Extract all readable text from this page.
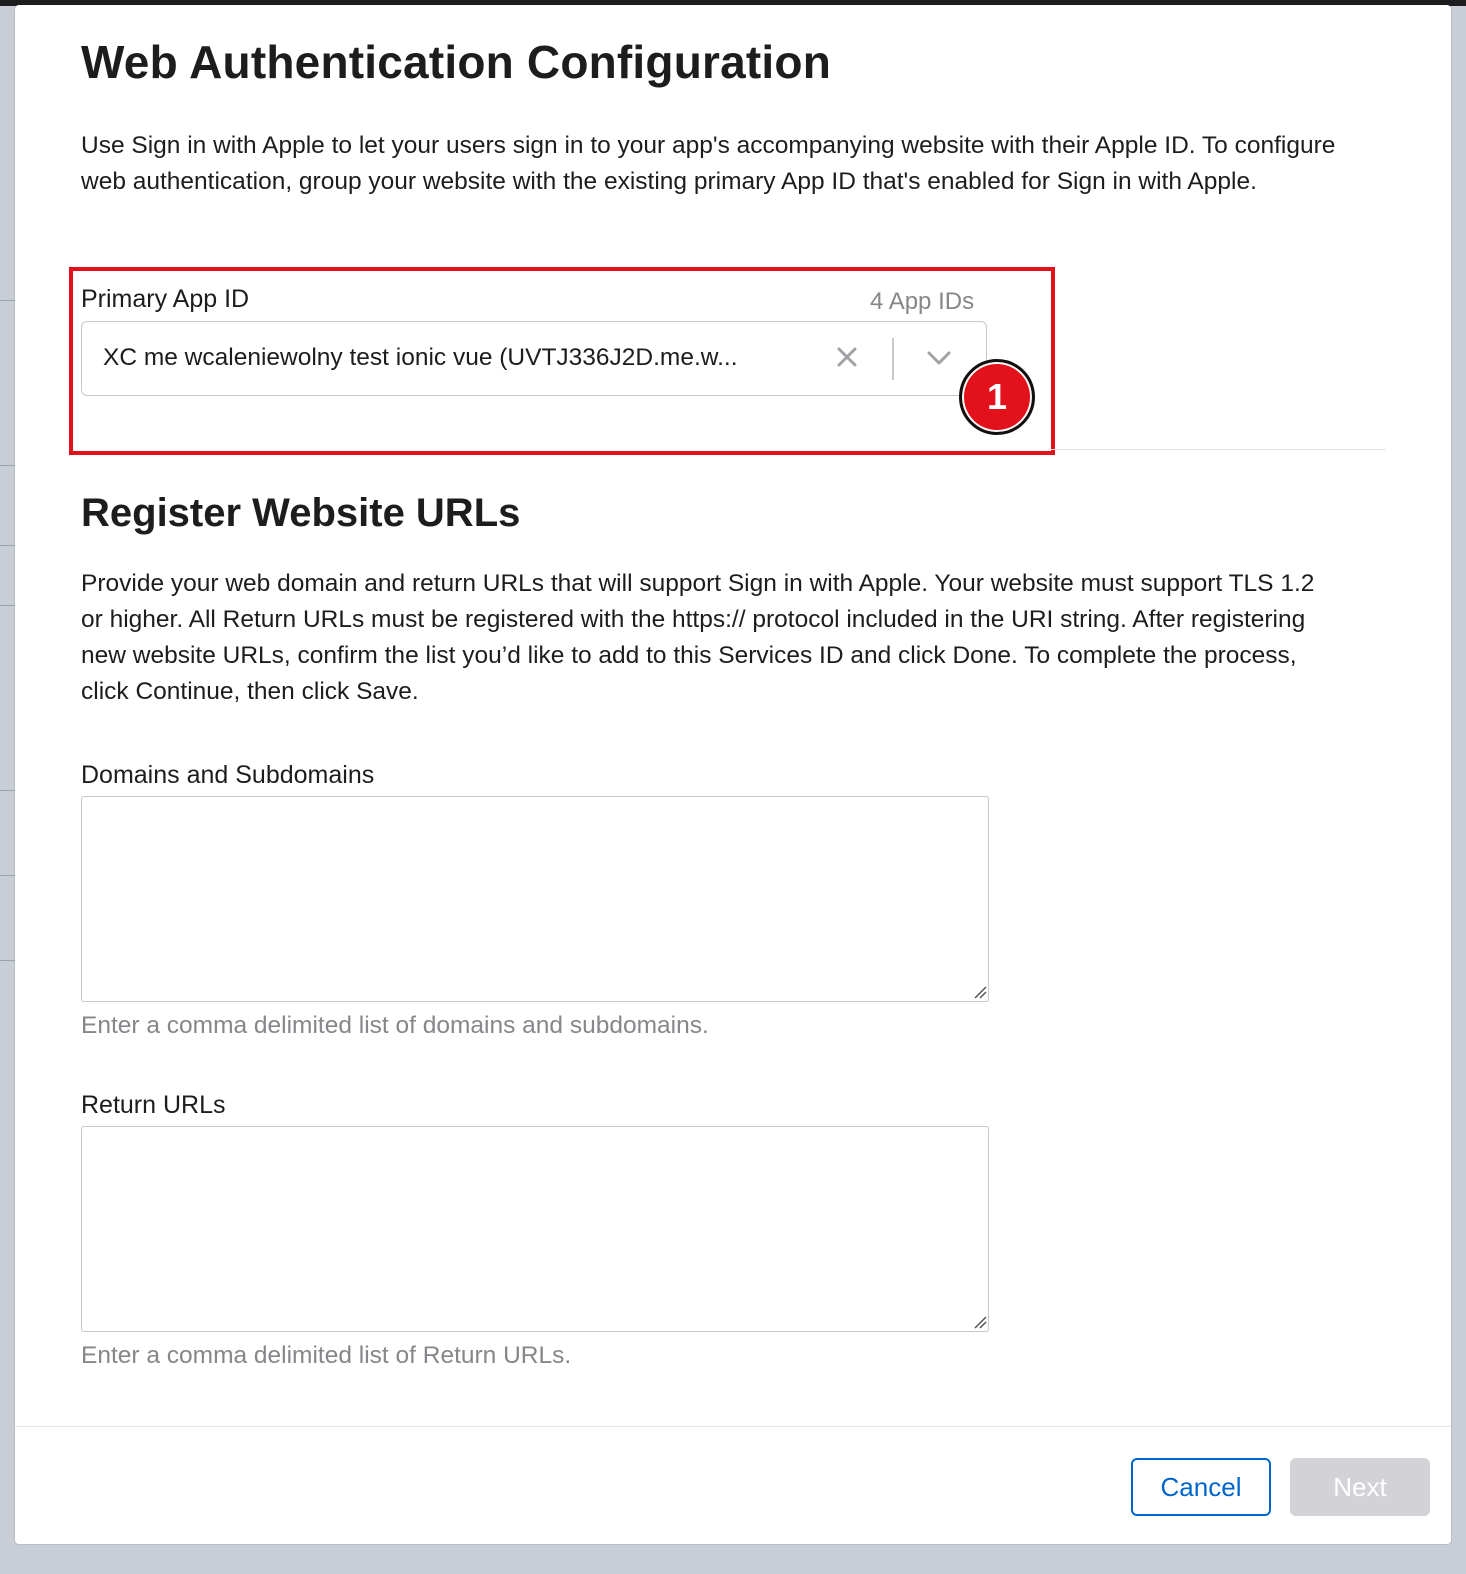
Web Authentication Configuration

Use Sign in with Apple to let your users sign in to your app's accompanying website with their Apple ID. To configure web authentication, group your website with the existing primary App ID that's enabled for Sign in with Apple.

Primary App ID	4 App IDs
XC me wcaleniewolny test ionic vue (UVTJ336J2D.me.w...
1
Register Website URLs

Provide your web domain and return URLs that will support Sign in with Apple. Your website must support TLS 1.2 or higher. All Return URLs must be registered with the https:// protocol included in the URI string. After registering new website URLs, confirm the list you’d like to add to this Services ID and click Done. To complete the process, click Continue, then click Save.

Domains and Subdomains
Enter a comma delimited list of domains and subdomains.
Return URLs
Enter a comma delimited list of Return URLs.
Cancel	Next
